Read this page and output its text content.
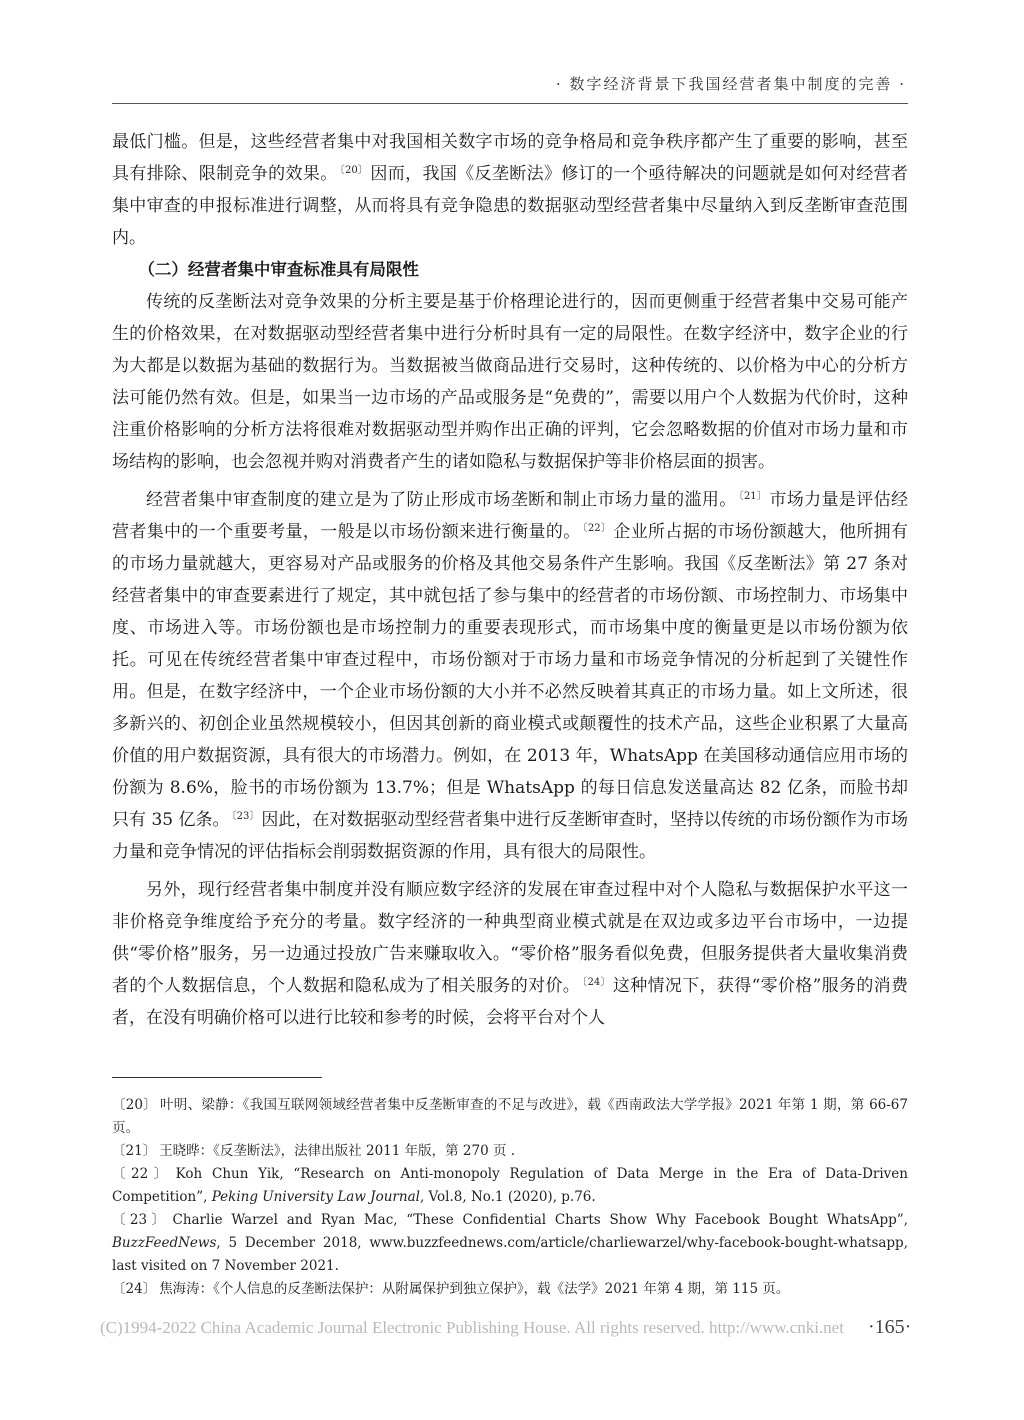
· 数字经济背景下我国经营者集中制度的完善 ·

最低门槛。但是，这些经营者集中对我国相关数字市场的竞争格局和竞争秩序都产生了重要的影响，甚至具有排除、限制竞争的效果。 $^{〔20〕}$ 因而，我国《反垄断法》修订的一个亟待解决的问题就是如何对经营者集中审查的申报标准进行调整，从而将具有竞争隐患的数据驱动型经营者集中尽量纳入到反垄断审查范围内。

（二）经营者集中审查标准具有局限性

传统的反垄断法对竞争效果的分析主要是基于价格理论进行的，因而更侧重于经营者集中交易可能产生的价格效果，在对数据驱动型经营者集中进行分析时具有一定的局限性。在数字经济中，数字企业的行为大都是以数据为基础的数据行为。当数据被当做商品进行交易时，这种传统的、以价格为中心的分析方法可能仍然有效。但是，如果当一边市场的产品或服务是“免费的”，需要以用户个人数据为代价时，这种注重价格影响的分析方法将很难对数据驱动型并购作出正确的评判，它会忽略数据的价值对市场力量和市场结构的影响，也会忽视并购对消费者产生的诸如隐私与数据保护等非价格层面的损害。

经营者集中审查制度的建立是为了防止形成市场垄断和制止市场力量的滥用。 $^{〔21〕}$ 市场力量是评估经营者集中的一个重要考量，一般是以市场份额来进行衡量的。 $^{〔22〕}$ 企业所占据的市场份额越大，他所拥有的市场力量就越大，更容易对产品或服务的价格及其他交易条件产生影响。我国《反垄断法》第 27 条对经营者集中的审查要素进行了规定，其中就包括了参与集中的经营者的市场份额、市场控制力、市场集中度、市场进入等。市场份额也是市场控制力的重要表现形式，而市场集中度的衡量更是以市场份额为依托。可见在传统经营者集中审查过程中，市场份额对于市场力量和市场竞争情况的分析起到了关键性作用。但是，在数字经济中，一个企业市场份额的大小并不必然反映着其真正的市场力量。如上文所述，很多新兴的、初创企业虽然规模较小，但因其创新的商业模式或颠覆性的技术产品，这些企业积累了大量高价值的用户数据资源，具有很大的市场潜力。例如，在 2013 年，WhatsApp 在美国移动通信应用市场的份额为 8.6%，脸书的市场份额为 13.7%；但是 WhatsApp 的每日信息发送量高达 82 亿条，而脸书却只有 35 亿条。 $^{〔23〕}$ 因此，在对数据驱动型经营者集中进行反垄断审查时，坚持以传统的市场份额作为市场力量和竞争情况的评估指标会削弱数据资源的作用，具有很大的局限性。

另外，现行经营者集中制度并没有顺应数字经济的发展在审查过程中对个人隐私与数据保护水平这一非价格竞争维度给予充分的考量。数字经济的一种典型商业模式就是在双边或多边平台市场中，一边提供“零价格”服务，另一边通过投放广告来赚取收入。“零价格”服务看似免费，但服务提供者大量收集消费者的个人数据信息，个人数据和隐私成为了相关服务的对价。 $^{〔24〕}$ 这种情况下，获得“零价格”服务的消费者，在没有明确价格可以进行比较和参考的时候，会将平台对个人

〔20〕 叶明、梁静：《我国互联网领域经营者集中反垄断审查的不足与改进》，载《西南政法大学学报》2021 年第 1 期，第 66-67 页。

〔21〕 王晓晔：《反垄断法》，法律出版社 2011 年版，第 270 页 .

〔22〕 Koh Chun Yik, “Research on Anti-monopoly Regulation of Data Merge in the Era of Data-Driven Competition”, Peking University Law Journal, Vol.8, No.1 (2020), p.76.

〔23〕 Charlie Warzel and Ryan Mac, “These Confidential Charts Show Why Facebook Bought WhatsApp”, BuzzFeedNews, 5 December 2018, www.buzzfeednews.com/article/charliewarzel/why-facebook-bought-whatsapp, last visited on 7 November 2021.

〔24〕 焦海涛：《个人信息的反垄断法保护：从附属保护到独立保护》，载《法学》2021 年第 4 期，第 115 页。

(C)1994-2022 China Academic Journal Electronic Publishing House. All rights reserved. http://www.cnki.net ·165·
